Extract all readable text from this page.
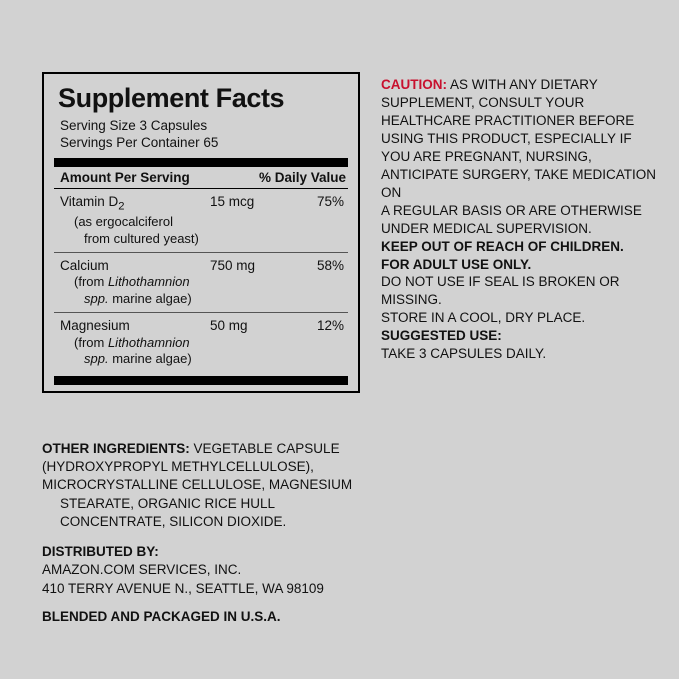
Supplement Facts
Serving Size 3 Capsules
Servings Per Container 65
Amount Per Serving	% Daily Value
Vitamin $D_2$	15 mcg	75%
(as ergocalciferol
from cultured yeast)
Calcium	750 mg	58%
(from Lithothamnion
spp. marine algae)
Magnesium	50 mg	12%
(from Lithothamnion
spp. marine algae)
OTHER INGREDIENTS: VEGETABLE CAPSULE
(HYDROXYPROPYL METHYLCELLULOSE),
MICROCRYSTALLINE CELLULOSE, MAGNESIUM
STEARATE, ORGANIC RICE HULL
CONCENTRATE, SILICON DIOXIDE.
DISTRIBUTED BY:
AMAZON.COM SERVICES, INC.
410 TERRY AVENUE N., SEATTLE, WA 98109
BLENDED AND PACKAGED IN U.S.A.

CAUTION: AS WITH ANY DIETARY SUPPLEMENT, CONSULT YOUR HEALTHCARE PRACTITIONER BEFORE USING THIS PRODUCT, ESPECIALLY IF YOU ARE PREGNANT, NURSING, ANTICIPATE SURGERY, TAKE MEDICATION ON

A REGULAR BASIS OR ARE OTHERWISE UNDER MEDICAL SUPERVISION.

KEEP OUT OF REACH OF CHILDREN.

FOR ADULT USE ONLY.

DO NOT USE IF SEAL IS BROKEN OR

MISSING.

STORE IN A COOL, DRY PLACE.

SUGGESTED USE:

TAKE 3 CAPSULES DAILY.
